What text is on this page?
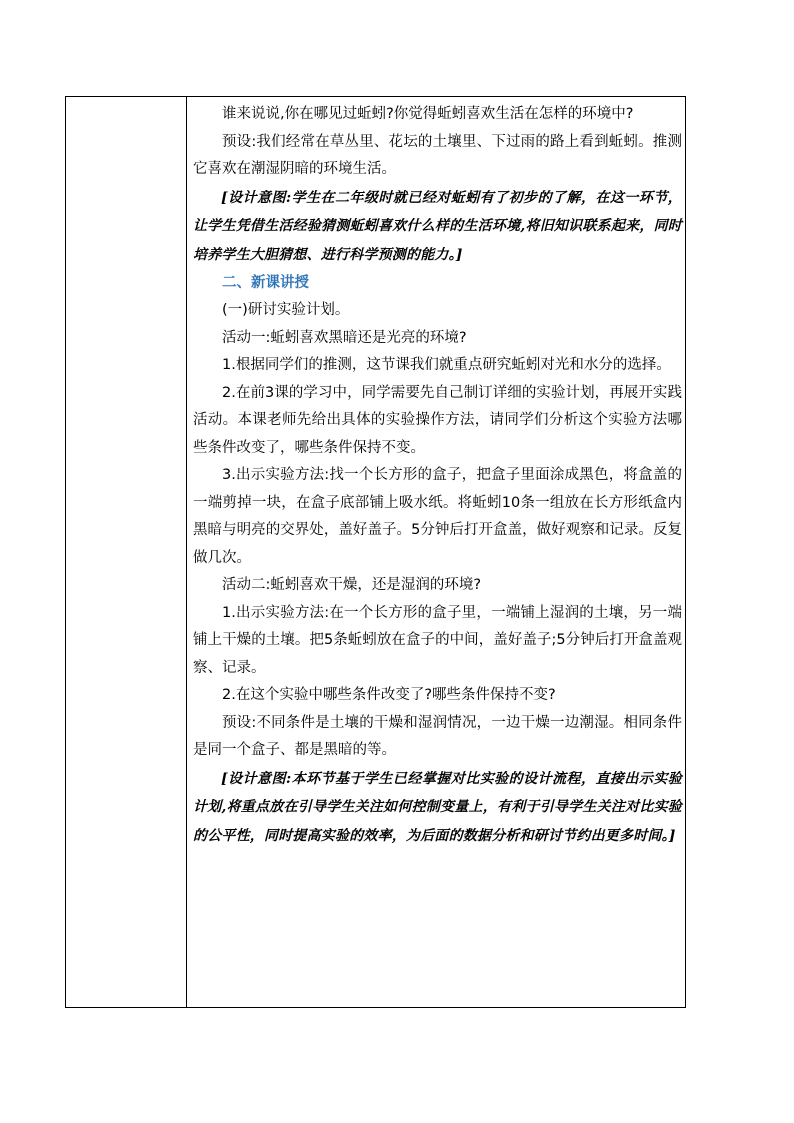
谁来说说,你在哪见过蚯蚓?你觉得蚯蚓喜欢生活在怎样的环境中?

预设:我们经常在草丛里、花坛的土壤里、下过雨的路上看到蚯蚓。推测它喜欢在潮湿阴暗的环境生活。

[设计意图:学生在二年级时就已经对蚯蚓有了初步的了解，在这一环节，让学生凭借生活经验猜测蚯蚓喜欢什么样的生活环境,将旧知识联系起来，同时培养学生大胆猜想、进行科学预测的能力。]

二、新课讲授

(一)研讨实验计划。

活动一:蚯蚓喜欢黑暗还是光亮的环境?

1.根据同学们的推测，这节课我们就重点研究蚯蚓对光和水分的选择。

2.在前3课的学习中，同学需要先自己制订详细的实验计划，再展开实践活动。本课老师先给出具体的实验操作方法，请同学们分析这个实验方法哪些条件改变了，哪些条件保持不变。

3.出示实验方法:找一个长方形的盒子，把盒子里面涂成黑色，将盒盖的一端剪掉一块，在盒子底部铺上吸水纸。将蚯蚓10条一组放在长方形纸盒内黑暗与明亮的交界处，盖好盖子。5分钟后打开盒盖，做好观察和记录。反复做几次。

活动二:蚯蚓喜欢干燥，还是湿润的环境?

1.出示实验方法:在一个长方形的盒子里，一端铺上湿润的土壤，另一端铺上干燥的土壤。把5条蚯蚓放在盒子的中间，盖好盖子;5分钟后打开盒盖观察、记录。

2.在这个实验中哪些条件改变了?哪些条件保持不变?

预设:不同条件是土壤的干燥和湿润情况，一边干燥一边潮湿。相同条件是同一个盒子、都是黑暗的等。

[设计意图:本环节基于学生已经掌握对比实验的设计流程，直接出示实验计划,将重点放在引导学生关注如何控制变量上，有利于引导学生关注对比实验的公平性，同时提高实验的效率，为后面的数据分析和研讨节约出更多时间。]
